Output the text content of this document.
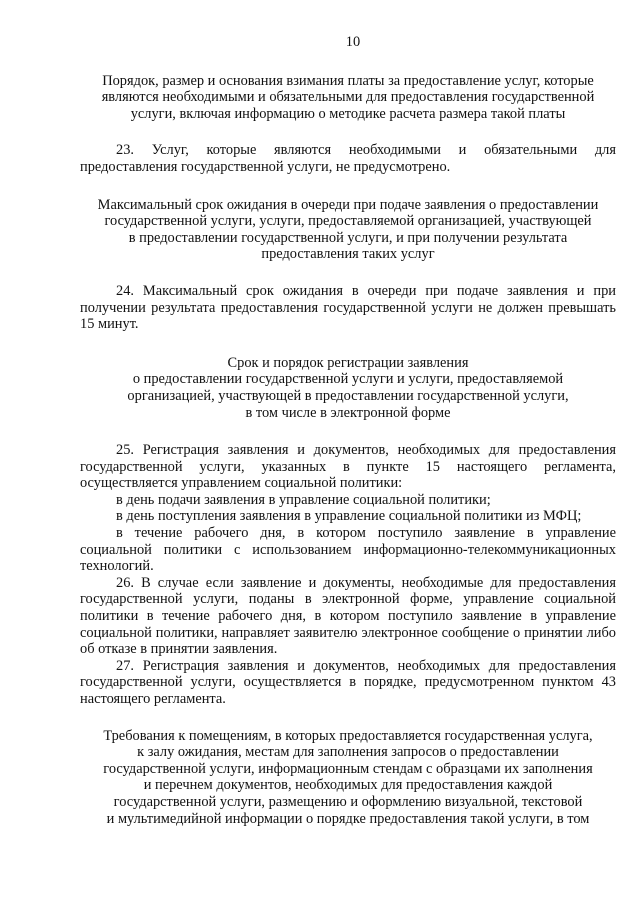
10
Порядок, размер и основания взимания платы за предоставление услуг, которые
являются необходимыми и обязательными для предоставления государственной
услуги, включая информацию о методике расчета размера такой платы

23. Услуг, которые являются необходимыми и обязательными для предоставления государственной услуги, не предусмотрено.

Максимальный срок ожидания в очереди при подаче заявления о предоставлении
государственной услуги, услуги, предоставляемой организацией, участвующей
в предоставлении государственной услуги, и при получении результата
предоставления таких услуг

24. Максимальный срок ожидания в очереди при подаче заявления и при получении результата предоставления государственной услуги не должен превышать 15 минут.

Срок и порядок регистрации заявления
о предоставлении государственной услуги и услуги, предоставляемой
организацией, участвующей в предоставлении государственной услуги,
в том числе в электронной форме

25. Регистрация заявления и документов, необходимых для предоставления государственной услуги, указанных в пункте 15 настоящего регламента, осуществляется управлением социальной политики:

в день подачи заявления в управление социальной политики;

в день поступления заявления в управление социальной политики из МФЦ;

в течение рабочего дня, в котором поступило заявление в управление социальной политики с использованием информационно-телекоммуникационных технологий.

26. В случае если заявление и документы, необходимые для предоставления государственной услуги, поданы в электронной форме, управление социальной политики в течение рабочего дня, в котором поступило заявление в управление социальной политики, направляет заявителю электронное сообщение о принятии либо об отказе в принятии заявления.

27. Регистрация заявления и документов, необходимых для предоставления государственной услуги, осуществляется в порядке, предусмотренном пунктом 43 настоящего регламента.

Требования к помещениям, в которых предоставляется государственная услуга,
к залу ожидания, местам для заполнения запросов о предоставлении
государственной услуги, информационным стендам с образцами их заполнения
и перечнем документов, необходимых для предоставления каждой
государственной услуги, размещению и оформлению визуальной, текстовой
и мультимедийной информации о порядке предоставления такой услуги, в том
